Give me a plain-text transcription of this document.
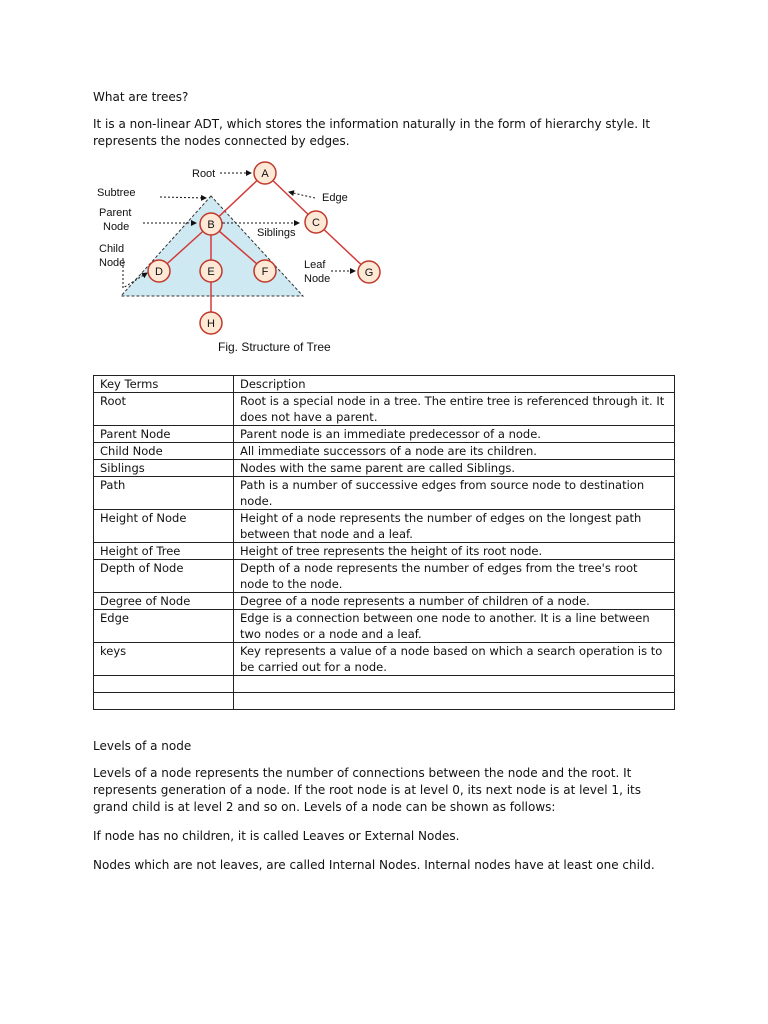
What are trees?

It is a non-linear ADT, which stores the information naturally in the form of hierarchy style. It represents the nodes connected by edges.

A
B	C
D	E	F	G
H
Root
Subtree
Parent
Node
Child
Node
Edge
Siblings
Leaf
Node
Fig. Structure of Tree
Key Terms	Description
Root	Root is a special node in a tree. The entire tree is referenced through it. It does not have a parent.
Parent Node	Parent node is an immediate predecessor of a node.
Child Node	All immediate successors of a node are its children.
Siblings	Nodes with the same parent are called Siblings.
Path	Path is a number of successive edges from source node to destination node.
Height of Node	Height of a node represents the number of edges on the longest path between that node and a leaf.
Height of Tree	Height of tree represents the height of its root node.
Depth of Node	Depth of a node represents the number of edges from the tree's root node to the node.
Degree of Node	Degree of a node represents a number of children of a node.
Edge	Edge is a connection between one node to another. It is a line between two nodes or a node and a leaf.
keys	Key represents a value of a node based on which a search operation is to be carried out for a node.

Levels of a node

Levels of a node represents the number of connections between the node and the root. It represents generation of a node. If the root node is at level 0, its next node is at level 1, its grand child is at level 2 and so on. Levels of a node can be shown as follows:

If node has no children, it is called Leaves or External Nodes.

Nodes which are not leaves, are called Internal Nodes. Internal nodes have at least one child.
